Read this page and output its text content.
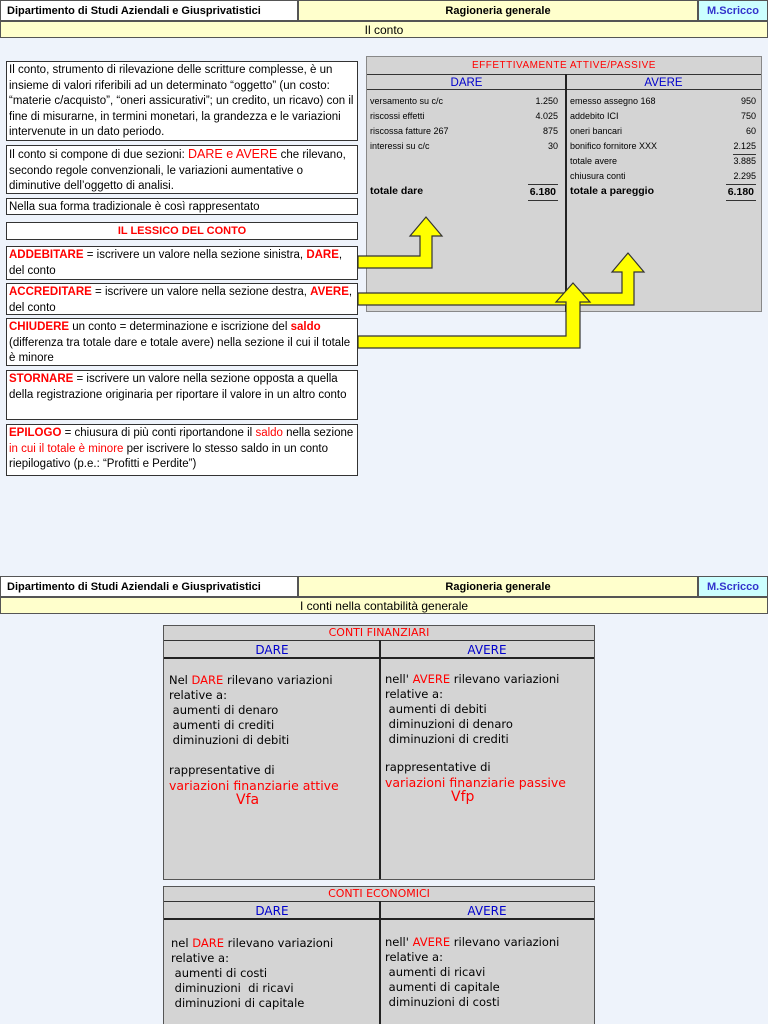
Dipartimento di Studi Aziendali e Giusprivatistici	Ragioneria generale	M.Scricco
Il conto
Il conto, strumento di rilevazione delle scritture complesse, è un insieme di valori riferibili ad un determinato “oggetto” (un costo: “materie c/acquisto”, “oneri assicurativi”; un credito, un ricavo) con il fine di misurarne, in termini monetari, la grandezza e le variazioni intervenute in un dato periodo.
Il conto si compone di due sezioni: DARE e AVERE che rilevano, secondo regole convenzionali, le variazioni aumentative o diminutive dell’oggetto di analisi.
Nella sua forma tradizionale è così rappresentato
IL LESSICO DEL CONTO
ADDEBITARE = iscrivere un valore nella sezione sinistra, DARE, del conto
ACCREDITARE = iscrivere un valore nella sezione destra, AVERE, del conto
CHIUDERE un conto = determinazione e iscrizione del saldo (differenza tra totale dare e totale avere) nella sezione il cui il totale è minore
STORNARE = iscrivere un valore nella sezione opposta a quella della registrazione originaria per riportare il valore in un altro conto
EPILOGO = chiusura di più conti riportandone il saldo nella sezione in cui il totale è minore per iscrivere lo stesso saldo in un conto riepilogativo (p.e.: “Profitti e Perdite”)
EFFETTIVAMENTE ATTIVE/PASSIVE
DARE	AVERE
versamento su c/c	1.250
riscossi effetti	4.025
riscossa fatture 267	875
interessi su c/c	30
totale dare	6.180
emesso assegno 168	950
addebito ICI	750
oneri bancari	60
bonifico fornitore XXX	2.125
totale avere	3.885
chiusura conti	2.295
totale a pareggio	6.180
Dipartimento di Studi Aziendali e Giusprivatistici	Ragioneria generale	M.Scricco
I conti nella contabilità generale
CONTI FINANZIARI
DARE	AVERE
Nel DARE rilevano variazioni
relative a:
aumenti di denaro
aumenti di crediti
diminuzioni di debiti
rappresentative di
variazioni finanziarie attive
Vfa
nell' AVERE rilevano variazioni
relative a:
aumenti di debiti
diminuzioni di denaro
diminuzioni di crediti
rappresentative di
variazioni finanziarie passive
Vfp
CONTI ECONOMICI
DARE	AVERE
nel DARE rilevano variazioni
relative a:
aumenti di costi
diminuzioni  di ricavi
diminuzioni di capitale
nell' AVERE rilevano variazioni
relative a:
aumenti di ricavi
aumenti di capitale
diminuzioni di costi
